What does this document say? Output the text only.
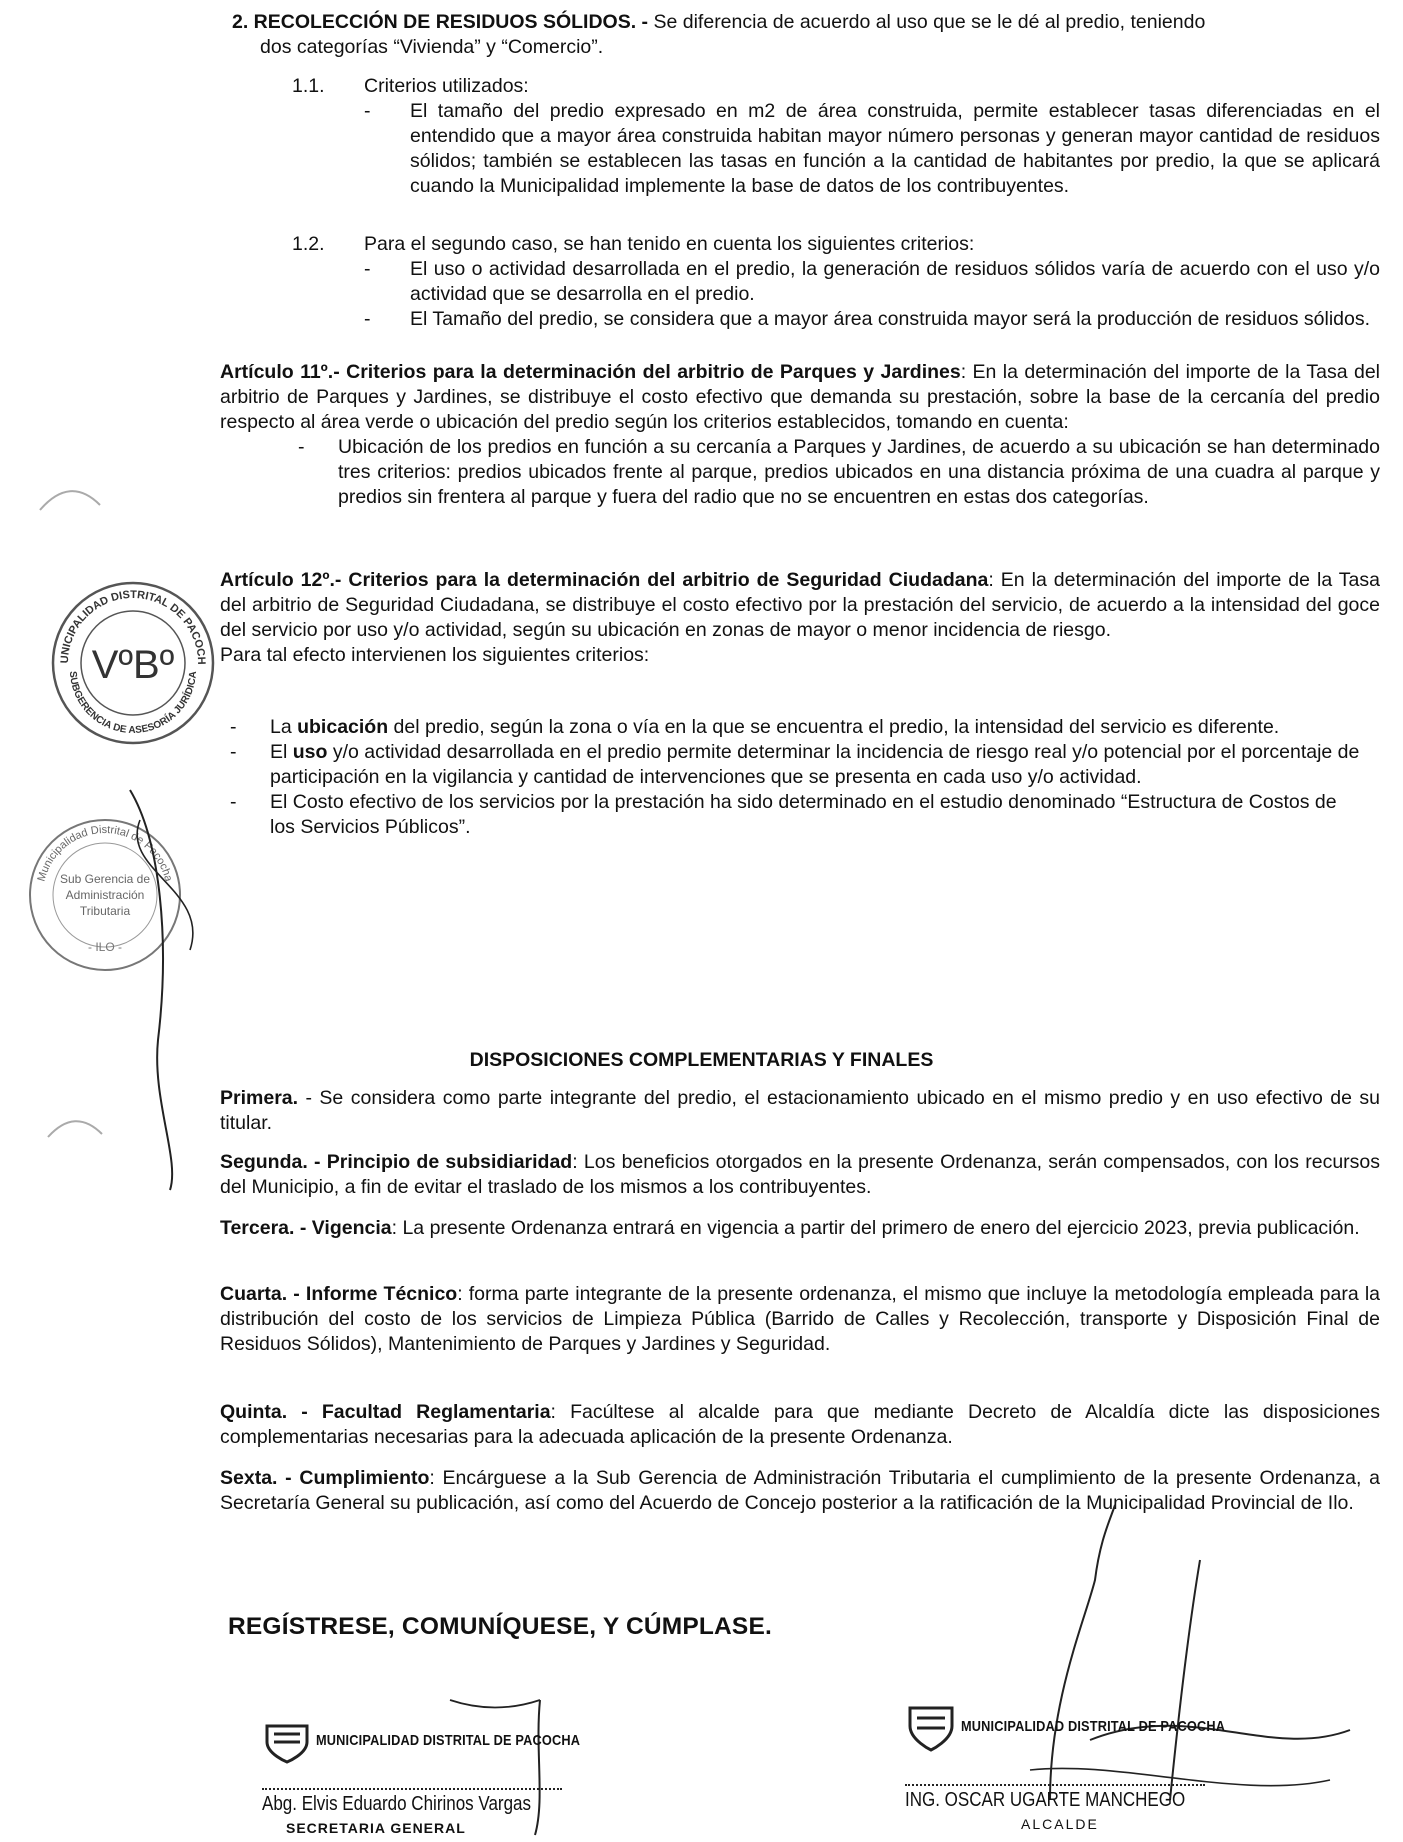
2. RECOLECCIÓN DE RESIDUOS SÓLIDOS. - Se diferencia de acuerdo al uso que se le dé al predio, teniendo

dos categorías “Vivienda” y “Comercio”.

1.1.	Criterios utilizados:

- El tamaño del predio expresado en m2 de área construida, permite establecer tasas diferenciadas en el entendido que a mayor área construida habitan mayor número personas y generan mayor cantidad de residuos sólidos; también se establecen las tasas en función a la cantidad de habitantes por predio, la que se aplicará cuando la Municipalidad implemente la base de datos de los contribuyentes.
1.2.	Para el segundo caso, se han tenido en cuenta los siguientes criterios:

- El uso o actividad desarrollada en el predio, la generación de residuos sólidos varía de acuerdo con el uso y/o actividad que se desarrolla en el predio.
- El Tamaño del predio, se considera que a mayor área construida mayor será la producción de residuos sólidos.

Artículo 11º.- Criterios para la determinación del arbitrio de Parques y Jardines: En la determinación del importe de la Tasa del arbitrio de Parques y Jardines, se distribuye el costo efectivo que demanda su prestación, sobre la base de la cercanía del predio respecto al área verde o ubicación del predio según los criterios establecidos, tomando en cuenta:

- Ubicación de los predios en función a su cercanía a Parques y Jardines, de acuerdo a su ubicación se han determinado tres criterios: predios ubicados frente al parque, predios ubicados en una distancia próxima de una cuadra al parque y predios sin frentera al parque y fuera del radio que no se encuentren en estas dos categorías.

Artículo 12º.- Criterios para la determinación del arbitrio de Seguridad Ciudadana: En la determinación del importe de la Tasa del arbitrio de Seguridad Ciudadana, se distribuye el costo efectivo por la prestación del servicio, de acuerdo a la intensidad del goce del servicio por uso y/o actividad, según su ubicación en zonas de mayor o menor incidencia de riesgo.

Para tal efecto intervienen los siguientes criterios:

- La ubicación del predio, según la zona o vía en la que se encuentra el predio, la intensidad del servicio es diferente.
- El uso y/o actividad desarrollada en el predio permite determinar la incidencia de riesgo real y/o potencial por el porcentaje de participación en la vigilancia y cantidad de intervenciones que se presenta en cada uso y/o actividad.
- El Costo efectivo de los servicios por la prestación ha sido determinado en el estudio denominado “Estructura de Costos de los Servicios Públicos”.

DISPOSICIONES COMPLEMENTARIAS Y FINALES

Primera. - Se considera como parte integrante del predio, el estacionamiento ubicado en el mismo predio y en uso efectivo de su titular.

Segunda. - Principio de subsidiaridad: Los beneficios otorgados en la presente Ordenanza, serán compensados, con los recursos del Municipio, a fin de evitar el traslado de los mismos a los contribuyentes.

Tercera. - Vigencia: La presente Ordenanza entrará en vigencia a partir del primero de enero del ejercicio 2023, previa publicación.

Cuarta. - Informe Técnico: forma parte integrante de la presente ordenanza, el mismo que incluye la metodología empleada para la distribución del costo de los servicios de Limpieza Pública (Barrido de Calles y Recolección, transporte y Disposición Final de Residuos Sólidos), Mantenimiento de Parques y Jardines y Seguridad.

Quinta. - Facultad Reglamentaria: Facúltese al alcalde para que mediante Decreto de Alcaldía dicte las disposiciones complementarias necesarias para la adecuada aplicación de la presente Ordenanza.

Sexta. - Cumplimiento: Encárguese a la Sub Gerencia de Administración Tributaria el cumplimiento de la presente Ordenanza, a Secretaría General su publicación, así como del Acuerdo de Concejo posterior a la ratificación de la Municipalidad Provincial de Ilo.

REGÍSTRESE, COMUNÍQUESE, Y CÚMPLASE.

UNICIPALIDAD DISTRITAL DE PACOCH
SUBGERENCIA DE ASESORÍA JURÍDICA
VºBº
Municipalidad Distrital de Pacocha
Sub Gerencia de
Administración
Tributaria
- ILO -
MUNICIPALIDAD DISTRITAL DE PACOCHA
Abg. Elvis Eduardo Chirinos Vargas
SECRETARIA GENERAL
MUNICIPALIDAD DISTRITAL DE PACOCHA
ING. OSCAR UGARTE MANCHEGO
ALCALDE
